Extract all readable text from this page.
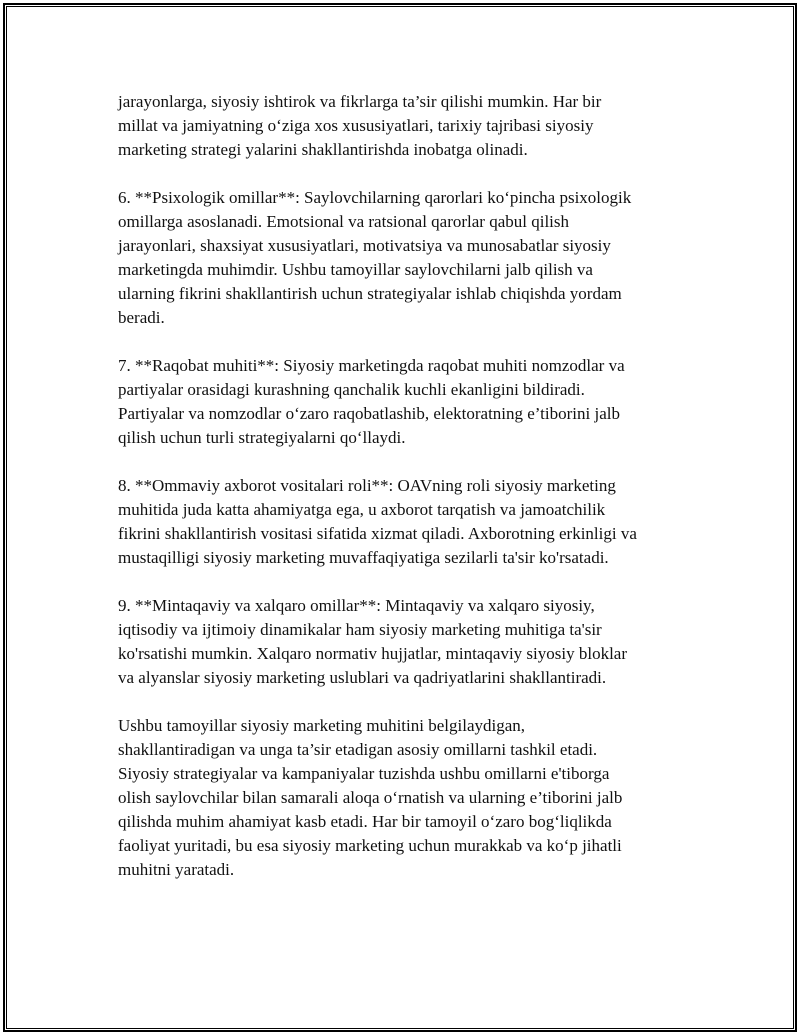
jarayonlarga, siyosiy ishtirok va fikrlarga ta’sir qilishi mumkin. Har bir
millat va jamiyatning o‘ziga xos xususiyatlari, tarixiy tajribasi siyosiy
marketing strategi yalarini shakllantirishda inobatga olinadi.

6. **Psixologik omillar**: Saylovchilarning qarorlari ko‘pincha psixologik
omillarga asoslanadi. Emotsional va ratsional qarorlar qabul qilish
jarayonlari, shaxsiyat xususiyatlari, motivatsiya va munosabatlar siyosiy
marketingda muhimdir. Ushbu tamoyillar saylovchilarni jalb qilish va
ularning fikrini shakllantirish uchun strategiyalar ishlab chiqishda yordam
beradi.

7. **Raqobat muhiti**: Siyosiy marketingda raqobat muhiti nomzodlar va
partiyalar orasidagi kurashning qanchalik kuchli ekanligini bildiradi.
Partiyalar va nomzodlar o‘zaro raqobatlashib, elektoratning e’tiborini jalb
qilish uchun turli strategiyalarni qo‘llaydi.

8. **Ommaviy axborot vositalari roli**: OAVning roli siyosiy marketing
muhitida juda katta ahamiyatga ega, u axborot tarqatish va jamoatchilik
fikrini shakllantirish vositasi sifatida xizmat qiladi. Axborotning erkinligi va
mustaqilligi siyosiy marketing muvaffaqiyatiga sezilarli ta'sir ko'rsatadi.

9. **Mintaqaviy va xalqaro omillar**: Mintaqaviy va xalqaro siyosiy,
iqtisodiy va ijtimoiy dinamikalar ham siyosiy marketing muhitiga ta'sir
ko'rsatishi mumkin. Xalqaro normativ hujjatlar, mintaqaviy siyosiy bloklar
va alyanslar siyosiy marketing uslublari va qadriyatlarini shakllantiradi.

Ushbu tamoyillar siyosiy marketing muhitini belgilaydigan,
shakllantiradigan va unga ta’sir etadigan asosiy omillarni tashkil etadi.
Siyosiy strategiyalar va kampaniyalar tuzishda ushbu omillarni e'tiborga
olish saylovchilar bilan samarali aloqa o‘rnatish va ularning e’tiborini jalb
qilishda muhim ahamiyat kasb etadi. Har bir tamoyil o‘zaro bog‘liqlikda
faoliyat yuritadi, bu esa siyosiy marketing uchun murakkab va ko‘p jihatli
muhitni yaratadi.
